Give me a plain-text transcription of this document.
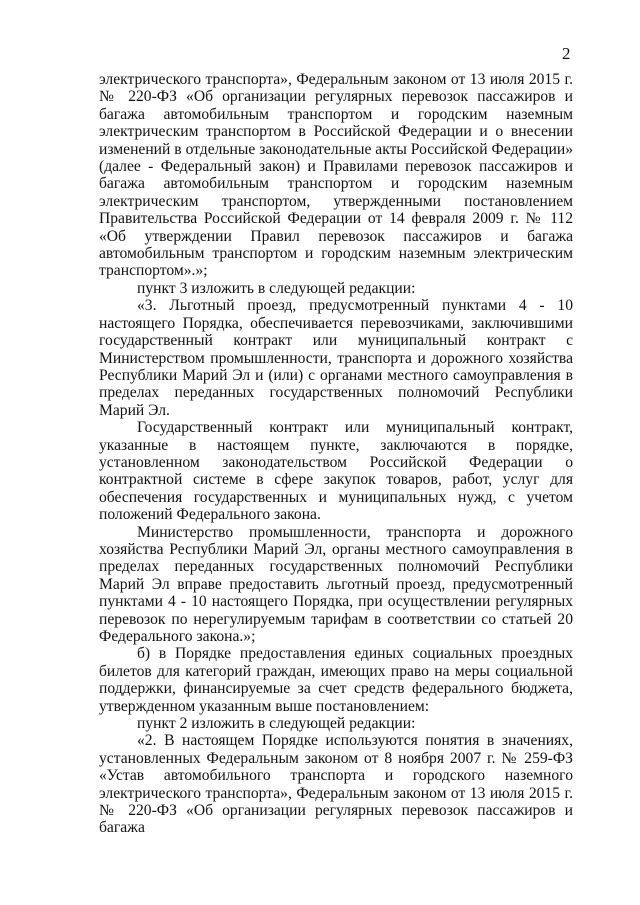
2

электрического транспорта», Федеральным законом от 13 июля 2015 г. № 220-ФЗ «Об организации регулярных перевозок пассажиров и багажа автомобильным транспортом и городским наземным электрическим транспортом в Российской Федерации и о внесении изменений в отдельные законодательные акты Российской Федерации» (далее - Федеральный закон) и Правилами перевозок пассажиров и багажа автомобильным транспортом и городским наземным электрическим транспортом, утвержденными постановлением Правительства Российской Федерации от 14 февраля 2009 г. № 112 «Об утверждении Правил перевозок пассажиров и багажа автомобильным транспортом и городским наземным электрическим транспортом».»;

пункт 3 изложить в следующей редакции:

«3. Льготный проезд, предусмотренный пунктами 4 - 10 настоящего Порядка, обеспечивается перевозчиками, заключившими государственный контракт или муниципальный контракт с Министерством промышленности, транспорта и дорожного хозяйства Республики Марий Эл и (или) с органами местного самоуправления в пределах переданных государственных полномочий Республики Марий Эл.

Государственный контракт или муниципальный контракт, указанные в настоящем пункте, заключаются в порядке, установленном законодательством Российской Федерации о контрактной системе в сфере закупок товаров, работ, услуг для обеспечения государственных и муниципальных нужд, с учетом положений Федерального закона.

Министерство промышленности, транспорта и дорожного хозяйства Республики Марий Эл, органы местного самоуправления в пределах переданных государственных полномочий Республики Марий Эл вправе предоставить льготный проезд, предусмотренный пунктами 4 - 10 настоящего Порядка, при осуществлении регулярных перевозок по нерегулируемым тарифам в соответствии со статьей 20 Федерального закона.»;

б) в Порядке предоставления единых социальных проездных билетов для категорий граждан, имеющих право на меры социальной поддержки, финансируемые за счет средств федерального бюджета, утвержденном указанным выше постановлением:

пункт 2 изложить в следующей редакции:

«2. В настоящем Порядке используются понятия в значениях, установленных Федеральным законом от 8 ноября 2007 г. № 259-ФЗ «Устав автомобильного транспорта и городского наземного электрического транспорта», Федеральным законом от 13 июля 2015 г. № 220-ФЗ «Об организации регулярных перевозок пассажиров и багажа
